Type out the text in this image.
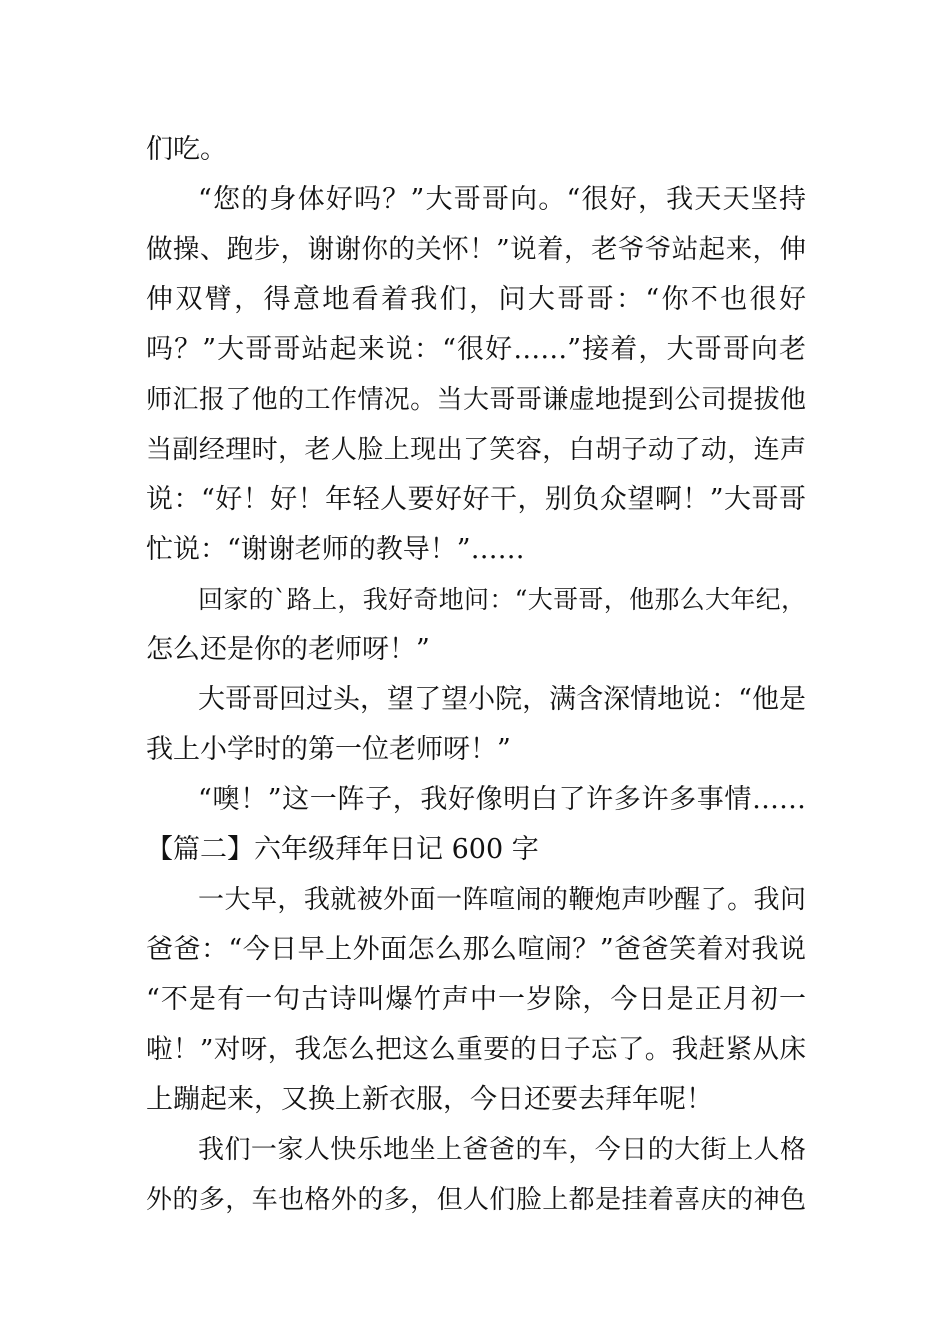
们吃。
“您的身体好吗？”大哥哥向。“很好，我天天坚持
做操、跑步，谢谢你的关怀！”说着，老爷爷站起来，伸
伸双臂，得意地看着我们，问大哥哥：“你不也很好
吗？”大哥哥站起来说：“很好……”接着，大哥哥向老
师汇报了他的工作情况。当大哥哥谦虚地提到公司提拔他
当副经理时，老人脸上现出了笑容，白胡子动了动，连声
说：“好！好！年轻人要好好干，别负众望啊！”大哥哥
忙说：“谢谢老师的教导！”……
回家的`路上，我好奇地问：“大哥哥，他那么大年纪，
怎么还是你的老师呀！”
大哥哥回过头，望了望小院，满含深情地说：“他是
我上小学时的第一位老师呀！”
“噢！”这一阵子，我好像明白了许多许多事情……
【篇二】六年级拜年日记 600 字
一大早，我就被外面一阵喧闹的鞭炮声吵醒了。我问
爸爸：“今日早上外面怎么那么喧闹？”爸爸笑着对我说
“不是有一句古诗叫爆竹声中一岁除，今日是正月初一
啦！”对呀，我怎么把这么重要的日子忘了。我赶紧从床
上蹦起来，又换上新衣服，今日还要去拜年呢！
我们一家人快乐地坐上爸爸的车，今日的大街上人格
外的多，车也格外的多，但人们脸上都是挂着喜庆的神色
